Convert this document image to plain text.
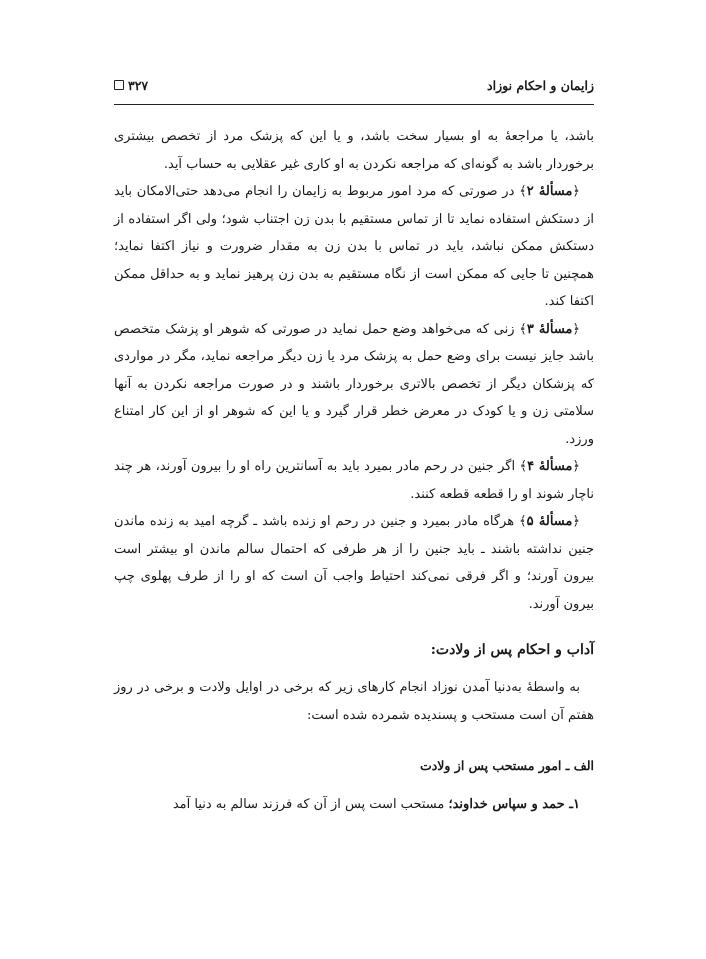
زایمان و احکام نوزاد
۳۲۷

باشد، یا مراجعهٔ به او بسیار سخت باشد، و یا این که پزشک مرد از تخصص بیشتری برخوردار باشد به گونه‌ای که مراجعه نکردن به او کاری غیر عقلایی به حساب آید.

﴿مسألهٔ ۲﴾ در صورتی که مرد امور مربوط به زایمان را انجام می‌دهد حتی‌الامکان باید از دستکش استفاده نماید تا از تماس مستقیم با بدن زن اجتناب شود؛ ولی اگر استفاده از دستکش ممکن نباشد، باید در تماس با بدن زن به مقدار ضرورت و نیاز اکتفا نماید؛ همچنین تا جایی که ممکن است از نگاه مستقیم به بدن زن پرهیز نماید و به حداقل ممکن اکتفا کند.

﴿مسألهٔ ۳﴾ زنی که می‌خواهد وضع حمل نماید در صورتی که شوهر او پزشک متخصص باشد جایز نیست برای وضع حمل به پزشک مرد یا زن دیگر مراجعه نماید، مگر در مواردی که پزشکان دیگر از تخصص بالاتری برخوردار باشند و در صورت مراجعه نکردن به آنها سلامتی زن و یا کودک در معرض خطر قرار گیرد و یا این که شوهر او از این کار امتناع ورزد.

﴿مسألهٔ ۴﴾ اگر جنین در رحم مادر بمیرد باید به آسانترین راه او را بیرون آورند، هر چند ناچار شوند او را قطعه قطعه کنند.

﴿مسألهٔ ۵﴾ هرگاه مادر بمیرد و جنین در رحم او زنده باشد ـ گرچه امید به زنده ماندن جنین نداشته باشند ـ باید جنین را از هر طرفی که احتمال سالم ماندن او بیشتر است بیرون آورند؛ و اگر فرقی نمی‌کند احتیاط واجب آن است که او را از طرف پهلوی چپ بیرون آورند.

آداب و احکام پس از ولادت:

به واسطهٔ به‌دنیا آمدن نوزاد انجام کارهای زیر که برخی در اوایل ولادت و برخی در روز هفتم آن است مستحب و پسندیده شمرده شده است:

الف ـ امور مستحب پس از ولادت

۱ـ حمد و سپاس خداوند؛ مستحب است پس از آن که فرزند سالم به دنیا آمد
